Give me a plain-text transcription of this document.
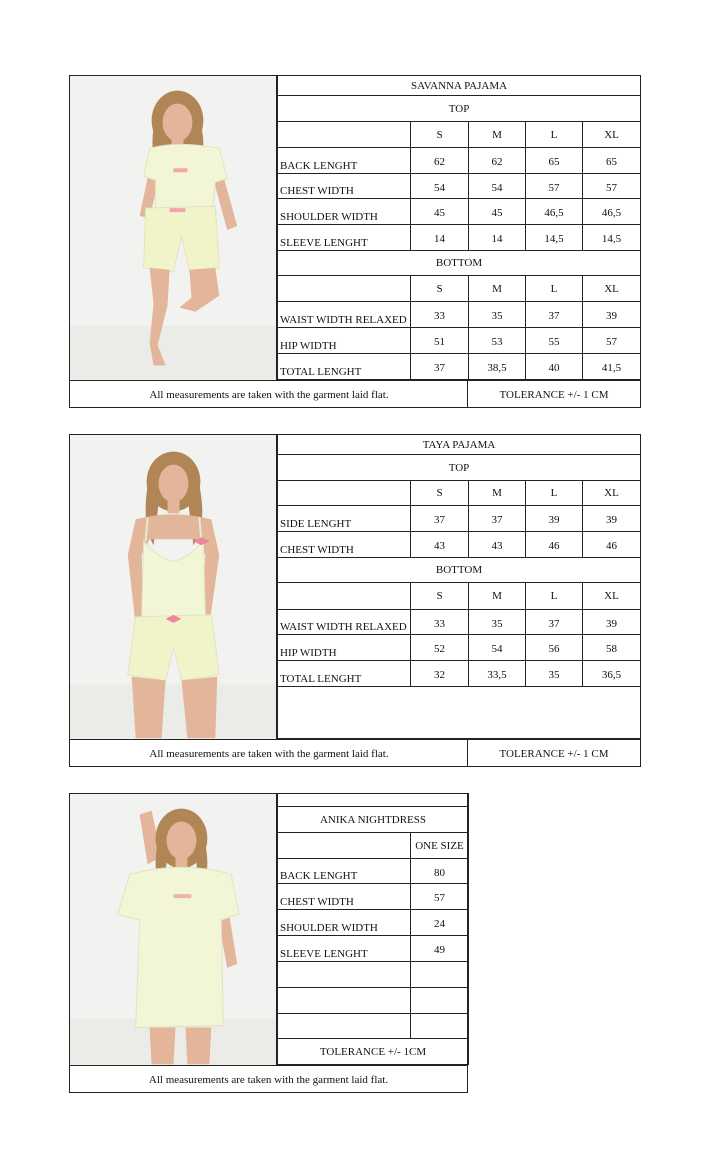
SAVANNA PAJAMA				
TOP				
	S	M	L	XL
BACK LENGHT	62	62	65	65
CHEST WIDTH	54	54	57	57
SHOULDER WIDTH	45	45	46,5	46,5
SLEEVE LENGHT	14	14	14,5	14,5
BOTTOM				
	S	M	L	XL
WAIST WIDTH RELAXED	33	35	37	39
HIP WIDTH	51	53	55	57
TOTAL LENGHT	37	38,5	40	41,5
All measurements are taken with the garment laid flat.	TOLERANCE +/- 1 CM
TAYA PAJAMA				
TOP				
	S	M	L	XL
SIDE LENGHT	37	37	39	39
CHEST WIDTH	43	43	46	46
BOTTOM				
	S	M	L	XL
WAIST WIDTH RELAXED	33	35	37	39
HIP WIDTH	52	54	56	58
TOTAL LENGHT	32	33,5	35	36,5

All measurements are taken with the garment laid flat.	TOLERANCE +/- 1 CM

ANIKA NIGHTDRESS	
	ONE SIZE
BACK LENGHT	80
CHEST WIDTH	57
SHOULDER WIDTH	24
SLEEVE LENGHT	49

TOLERANCE +/- 1CM	
All measurements are taken with the garment laid flat.
